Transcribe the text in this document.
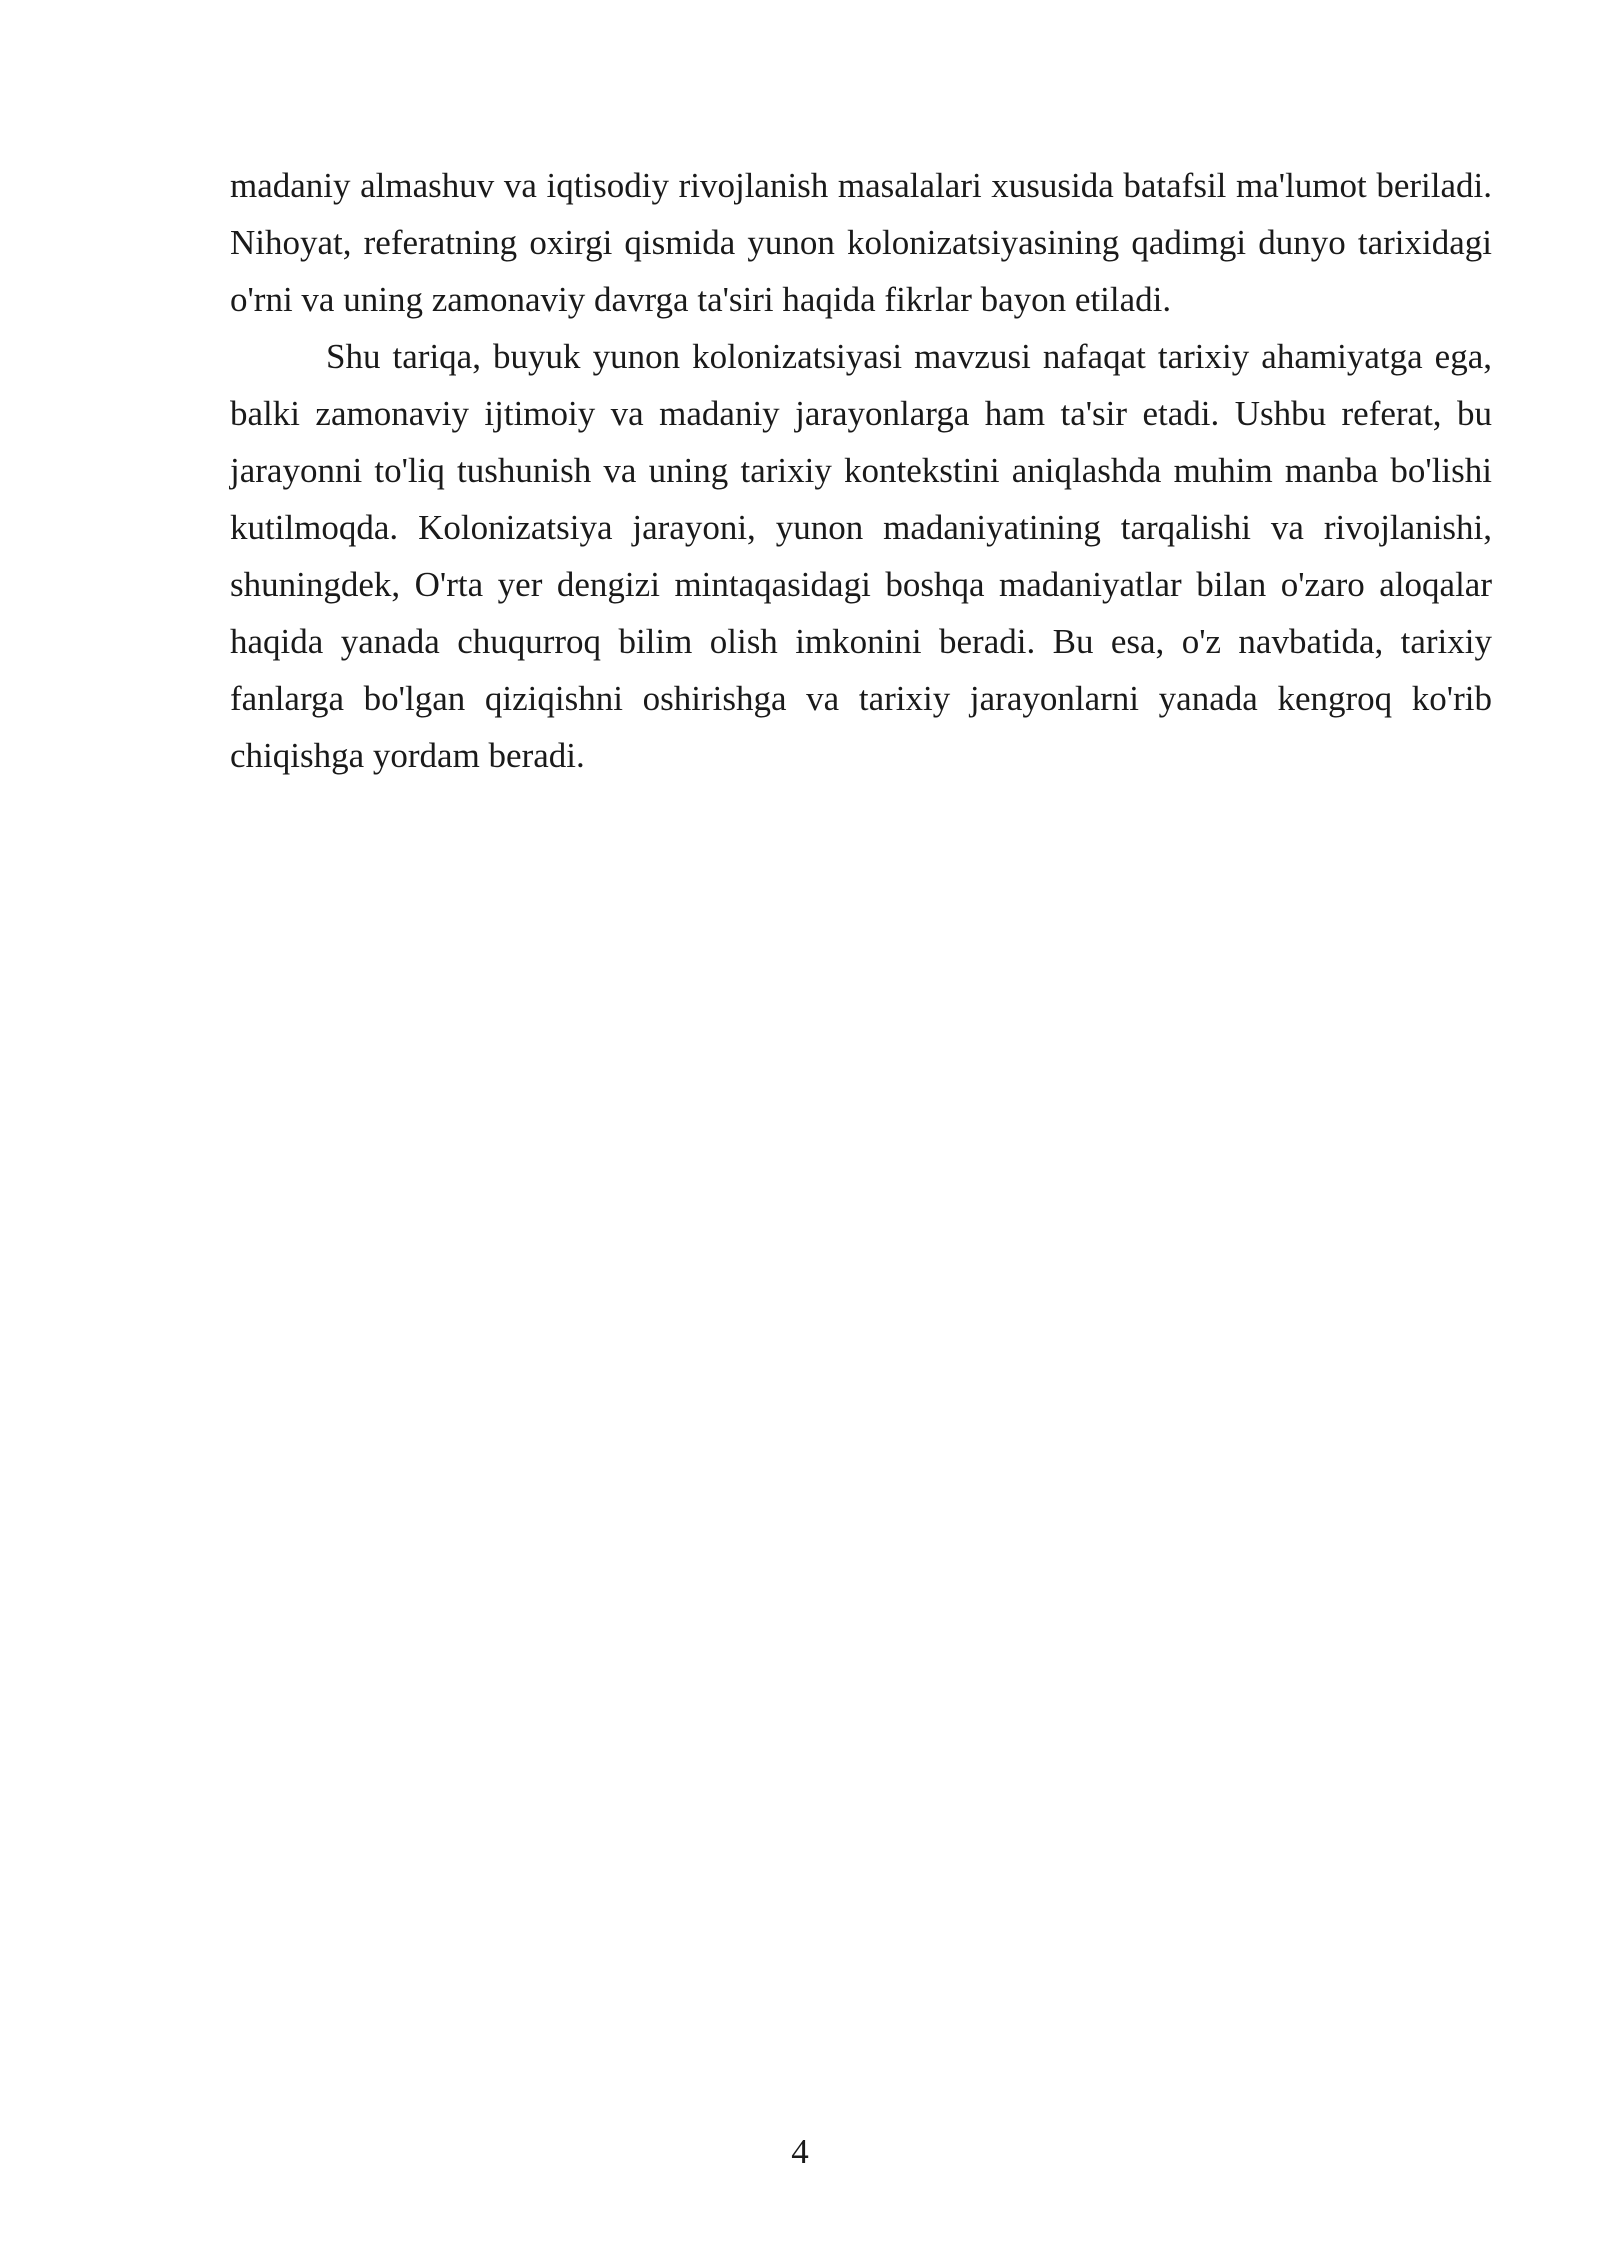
madaniy almashuv va iqtisodiy rivojlanish masalalari xususida batafsil ma'lumot beriladi. Nihoyat, referatning oxirgi qismida yunon kolonizatsiyasining qadimgi dunyo tarixidagi o'rni va uning zamonaviy davrga ta'siri haqida fikrlar bayon etiladi.

Shu tariqa, buyuk yunon kolonizatsiyasi mavzusi nafaqat tarixiy ahamiyatga ega, balki zamonaviy ijtimoiy va madaniy jarayonlarga ham ta'sir etadi. Ushbu referat, bu jarayonni to'liq tushunish va uning tarixiy kontekstini aniqlashda muhim manba bo'lishi kutilmoqda. Kolonizatsiya jarayoni, yunon madaniyatining tarqalishi va rivojlanishi, shuningdek, O'rta yer dengizi mintaqasidagi boshqa madaniyatlar bilan o'zaro aloqalar haqida yanada chuqurroq bilim olish imkonini beradi. Bu esa, o'z navbatida, tarixiy fanlarga bo'lgan qiziqishni oshirishga va tarixiy jarayonlarni yanada kengroq ko'rib chiqishga yordam beradi.

4
